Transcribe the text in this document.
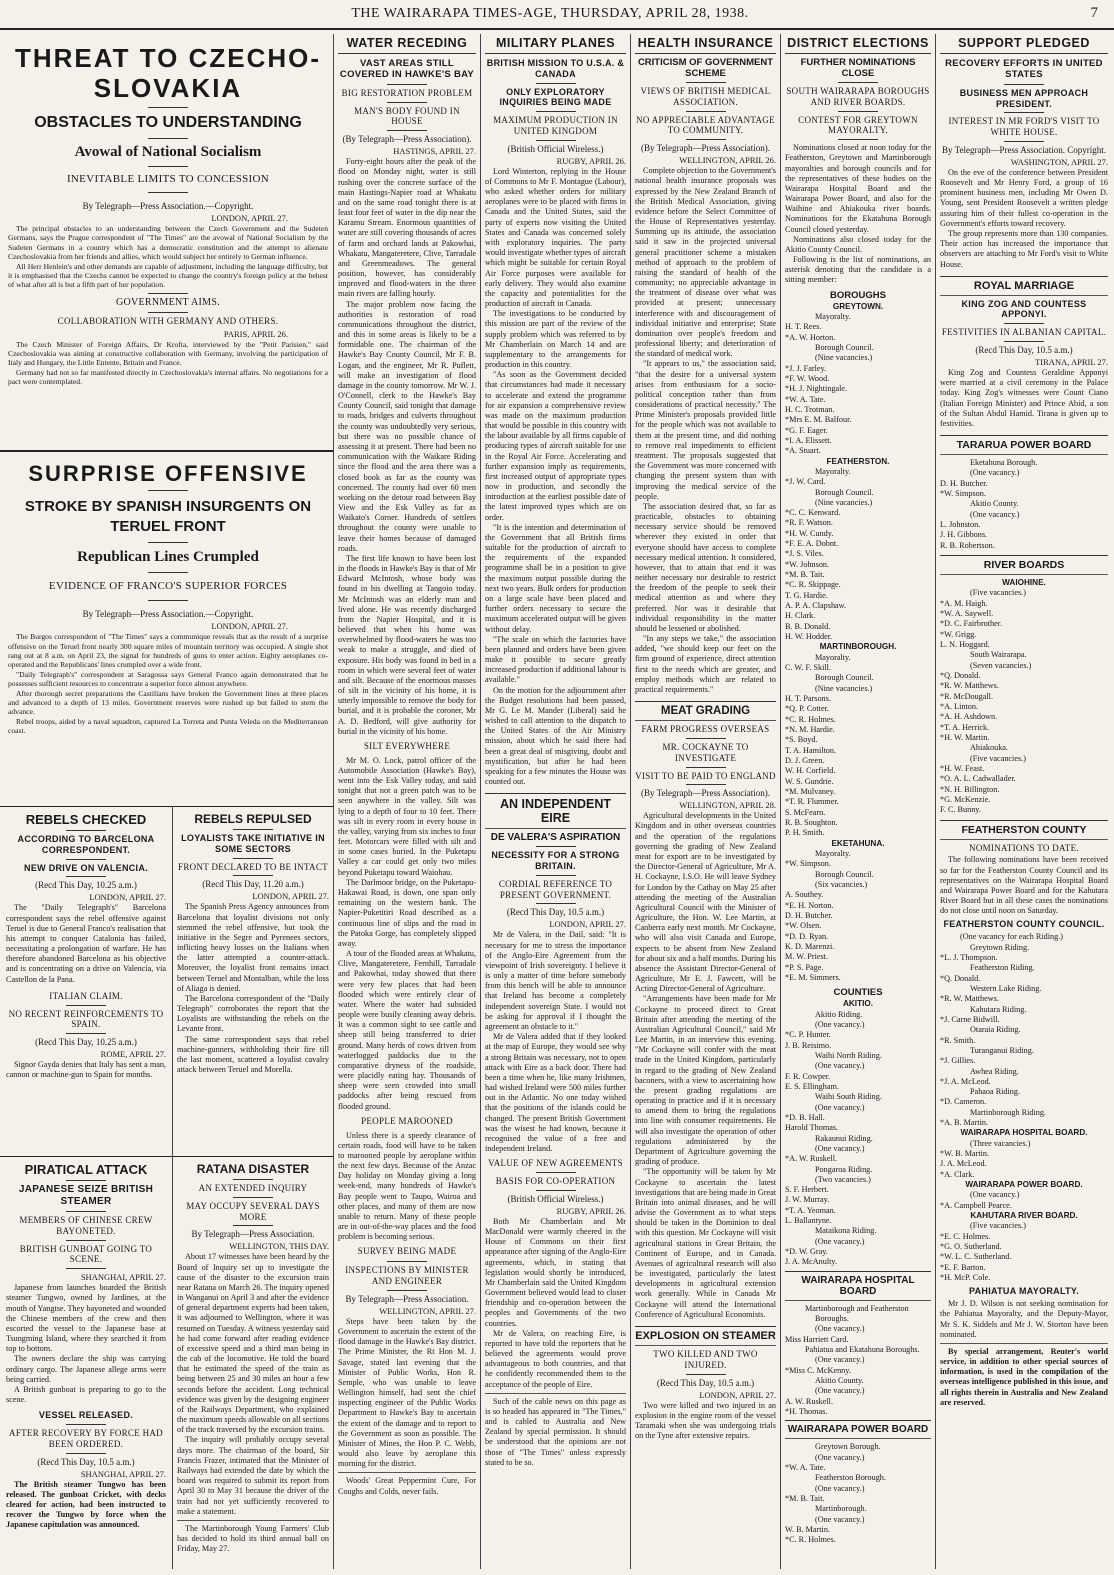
THE WAIRARAPA TIMES-AGE, THURSDAY, APRIL 28, 1938.	7
THREAT TO CZECHO-SLOVAKIA
OBSTACLES TO UNDERSTANDING
Avowal of National Socialism
INEVITABLE LIMITS TO CONCESSION
By Telegraph—Press Association.—Copyright.
LONDON, APRIL 27.

The principal obstacles to an understanding between the Czech Government and the Sudeten Germans, says the Prague correspondent of "The Times" are the avowal of National Socialism by the Sudeten Germans in a country which has a democratic constitution and the attempt to alienate Czechoslovakia from her friends and allies, which would subject her entirely to German influence.

All Herr Henlein's and other demands are capable of adjustment, including the language difficulty, but it is emphasised that the Czechs cannot be expected to change the country's foreign policy at the behest of what after all is but a fifth part of her population.

GOVERNMENT AIMS.
COLLABORATION WITH GERMANY AND OTHERS.
PARIS, APRIL 26.

The Czech Minister of Foreign Affairs, Dr Krofta, interviewed by the "Petit Parisien," said Czechoslovakia was aiming at constructive collaboration with Germany, involving the participation of Italy and Hungary, the Little Entente, Britain and France.

Germany had not so far manifested directly in Czechoslovakia's internal affairs. No negotiations for a pact were contemplated.

SURPRISE OFFENSIVE
STROKE BY SPANISH INSURGENTS ON TERUEL FRONT
Republican Lines Crumpled
EVIDENCE OF FRANCO'S SUPERIOR FORCES
By Telegraph—Press Association.—Copyright.
LONDON, APRIL 27.

The Burgos correspondent of "The Times" says a communique reveals that as the result of a surprise offensive on the Teruel front nearly 300 square miles of mountain territory was occupied. A single shot rang out at 8 a.m. on April 23, the signal for hundreds of guns to enter action. Eighty aeroplanes co-operated and the Republicans' lines crumpled over a wide front.

"Daily Telegraph's" correspondent at Saragossa says General Franco again demonstrated that he possesses sufficient resources to concentrate a superior force almost anywhere.

After thorough secret preparations the Castilians have broken the Government lines at three places and advanced to a depth of 13 miles. Government reserves were rushed up but failed to stem the advance.

Rebel troops, aided by a naval squadron, captured La Torreta and Punta Veleda on the Mediterranean coast.

REBELS CHECKED
ACCORDING TO BARCELONA CORRESPONDENT.
NEW DRIVE ON VALENCIA.
(Recd This Day, 10.25 a.m.)
LONDON, APRIL 27.

The "Daily Telegraph's" Barcelona correspondent says the rebel offensive against Teruel is due to General Franco's realisation that his attempt to conquer Catalonia has failed, necessitating a prolongation of warfare. He has therefore abandoned Barcelona as his objective and is concentrating on a drive on Valencia, via Castellon de la Pana.

ITALIAN CLAIM.
NO RECENT REINFORCEMENTS TO SPAIN.
(Recd This Day, 10.25 a.m.)
ROME, APRIL 27.

Signor Gayda denies that Italy has sent a man, cannon or machine-gun to Spain for months.

REBELS REPULSED
LOYALISTS TAKE INITIATIVE IN SOME SECTORS
FRONT DECLARED TO BE INTACT
(Recd This Day, 11.20 a.m.)
LONDON, APRIL 27.

The Spanish Press Agency announces from Barcelona that loyalist divisions not only stemmed the rebel offensive, but took the initiative in the Segre and Pyrenees sectors, inflicting heavy losses on the Italians when the latter attempted a counter-attack. Moreover, the loyalist front remains intact between Teruel and Montalban, while the loss of Aliaga is denied.

The Barcelona correspondent of the "Daily Telegraph" corroborates the report that the Loyalists are withstanding the rebels on the Levante front.

The same correspondent says that rebel machine-gunners, withholding their fire till the last moment, scattered a loyalist cavalry attack between Teruel and Morella.

PIRATICAL ATTACK
JAPANESE SEIZE BRITISH STEAMER
MEMBERS OF CHINESE CREW BAYONETED.
BRITISH GUNBOAT GOING TO SCENE.
SHANGHAI, APRIL 27.

Japanese from launches boarded the British steamer Tungwo, owned by Jardines, at the mouth of Yangtse. They bayoneted and wounded the Chinese members of the crew and then escorted the vessel to the Japanese base at Tsungming Island, where they searched it from top to bottom.

The owners declare the ship was carrying ordinary cargo. The Japanese allege arms were being carried.

A British gunboat is preparing to go to the scene.

VESSEL RELEASED.
AFTER RECOVERY BY FORCE HAD BEEN ORDERED.
(Recd This Day, 10.5 a.m.)
SHANGHAI, APRIL 27.

The British steamer Tungwo has been released. The gunboat Cricket, with decks cleared for action, had been instructed to recover the Tungwo by force when the Japanese capitulation was announced.

RATANA DISASTER
AN EXTENDED INQUIRY
MAY OCCUPY SEVERAL DAYS MORE
By Telegraph—Press Association.
WELLINGTON, THIS DAY.

About 17 witnesses have been heard by the Board of Inquiry set up to investigate the cause of the disaster to the excursion train near Ratana on March 26. The inquiry opened in Wanganui on April 3 and after the evidence of general department experts had been taken, it was adjourned to Wellington, where it was resumed on Tuesday. A witness yesterday said he had come forward after reading evidence of excessive speed and a third man being in the cab of the locomotive. He told the board that he estimated the speed of the train as being between 25 and 30 miles an hour a few seconds before the accident. Long technical evidence was given by the designing engineer of the Railways Department, who explained the maximum speeds allowable on all sections of the track traversed by the excursion trains.

The inquiry will probably occupy several days more. The chairman of the board, Sir Francis Frazer, intimated that the Minister of Railways had extended the date by which the board was required to submit its report from April 30 to May 31 because the driver of the train had not yet sufficiently recovered to make a statement.

The Martinborough Young Farmers' Club has decided to hold its third annual ball on Friday, May 27.

WATER RECEDING
VAST AREAS STILL COVERED IN HAWKE'S BAY
BIG RESTORATION PROBLEM
MAN'S BODY FOUND IN HOUSE
(By Telegraph—Press Association).
HASTINGS, APRIL 27.

Forty-eight hours after the peak of the flood on Monday night, water is still rushing over the concrete surface of the main Hastings-Napier road at Whakatu and on the same road tonight there is at least four feet of water in the dip near the Karamu Stream. Enormous quantities of water are still covering thousands of acres of farm and orchard lands at Pakowhai, Whakatu, Mangateretere, Clive, Tarradale and Greenmeadows. The general position, however, has considerably improved and flood-waters in the three main rivers are falling hourly.

The major problem now facing the authorities is restoration of road communications throughout the district, and this in some areas is likely to be a formidable one. The chairman of the Hawke's Bay County Council, Mr F. B. Logan, and the engineer, Mr R. Puflett, will make an investigation of flood damage in the county tomorrow. Mr W. J. O'Connell, clerk to the Hawke's Bay County Council, said tonight that damage to roads, bridges and culverts throughout the county was undoubtedly very serious, but there was no possible chance of assessing it at present. There had been no communication with the Waikare Riding since the flood and the area there was a closed book as far as the county was concerned. The county had over 60 men working on the detour road between Bay View and the Esk Valley as far as Waikato's Corner. Hundreds of settlers throughout the county were unable to leave their homes because of damaged roads.

The first life known to have been lost in the floods in Hawke's Bay is that of Mr Edward McIntosh, whose body was found in his dwelling at Tangoio today. Mr McIntosh was an elderly man and lived alone. He was recently discharged from the Napier Hospital, and it is believed that when his home was overwhelmed by flood-waters he was too weak to make a struggle, and died of exposure. His body was found in bed in a room in which were several feet of water and silt. Because of the enormous masses of silt in the vicinity of his home, it is utterly impossible to remove the body for burial, and it is probable the coroner, Mr A. D. Bedford, will give authority for burial in the vicinity of his home.

SILT EVERYWHERE

Mr M. O. Lock, patrol officer of the Automobile Association (Hawke's Bay), went into the Esk Valley today, and said tonight that not a green patch was to be seen anywhere in the valley. Silt was lying to a depth of four to 10 feet. There was silt in every room in every house in the valley, varying from six inches to four feet. Motorcars were filled with silt and in some cases buried. In the Puketapu Valley a car could get only two miles beyond Puketapu toward Waiohau.

The Darlmoor bridge, on the Puketapu-Hakawai Road, is down, one span only remaining on the western bank. The Napier-Puketitiri Road described as a continuous line of slips and the road in the Patoka Gorge, has completely slipped away.

A tour of the flooded areas at Whakatu, Clive, Mangateretere, Fernhill, Tarradale and Pakowhai, today showed that there were very few places that had been flooded which were entirely clear of water. Where the water had subsided people were busily cleaning away debris. It was a common sight to see cattle and sheep still being transferred to drier ground. Many herds of cows driven from waterlogged paddocks due to the comparative dryness of the roadside, were placidly eating hay. Thousands of sheep were seen crowded into small paddocks after being rescued from flooded ground.

PEOPLE MAROONED

Unless there is a speedy clearance of certain roads, food will have to be taken to marooned people by aeroplane within the next few days. Because of the Anzac Day holiday on Monday giving a long week-end, many hundreds of Hawke's Bay people went to Taupo, Wairoa and other places, and many of them are now unable to return. Many of these people are in out-of-the-way places and the food problem is becoming serious.

SURVEY BEING MADE
INSPECTIONS BY MINISTER AND ENGINEER
By Telegraph—Press Association.
WELLINGTON, APRIL 27.

Steps have been taken by the Government to ascertain the extent of the flood damage in the Hawke's Bay district. The Prime Minister, the Rt Hon M. J. Savage, stated last evening that the Minister of Public Works, Hon R. Semple, who was unable to leave Wellington himself, had sent the chief inspecting engineer of the Public Works Department to Hawke's Bay to ascertain the extent of the damage and to report to the Government as soon as possible. The Minister of Mines, the Hon P. C. Webb, would also leave by aeroplane this morning for the district.

Woods' Great Peppermint Cure, For Coughs and Colds, never fails.

MILITARY PLANES
BRITISH MISSION TO U.S.A. & CANADA
ONLY EXPLORATORY INQUIRIES BEING MADE
MAXIMUM PRODUCTION IN UNITED KINGDOM
(British Official Wireless.)
RUGBY, APRIL 26.

Lord Winterton, replying in the House of Commons to Mr F. Montague (Labour), who asked whether orders for military aeroplanes were to be placed with firms in Canada and the United States, said the party of experts now visiting the United States and Canada was concerned solely with exploratory inquiries. The party would investigate whether types of aircraft which might be suitable for certain Royal Air Force purposes were available for early delivery. They would also examine the capacity and potentialities for the production of aircraft in Canada.

The investigations to be conducted by this mission are part of the review of the supply problem which was referred to by Mr Chamberlain on March 14 and are supplementary to the arrangements for production in this country.

"As soon as the Government decided that circumstances had made it necessary to accelerate and extend the programme for air expansion a comprehensive review was made on the maximum production that would be possible in this country with the labour available by all firms capable of producing types of aircraft suitable for use in the Royal Air Force. Accelerating and further expansion imply as requirements, first increased output of appropriate types now in production, and secondly the introduction at the earliest possible date of the latest improved types which are on order.

"It is the intention and determination of the Government that all British firms suitable for the production of aircraft to the requirements of the expanded programme shall be in a position to give the maximum output possible during the next two years. Bulk orders for production on a large scale have been placed and further orders necessary to secure the maximum accelerated output will be given without delay.

"The scale on which the factories have been planned and orders have been given make it possible to secure greatly increased production if additional labour is available."

On the motion for the adjournment after the Budget resolutions had been passed, Mr G. Le M. Mander (Liberal) said he wished to call attention to the dispatch to the United States of the Air Ministry mission, about which he said there had been a great deal of misgiving, doubt and mystification, but after he had been speaking for a few minutes the House was counted out.

AN INDEPENDENT EIRE
DE VALERA'S ASPIRATION
NECESSITY FOR A STRONG BRITAIN.
CORDIAL REFERENCE TO PRESENT GOVERNMENT.
(Recd This Day, 10.5 a.m.)
LONDON, APRIL 27.

Mr de Valera, in the Dail, said: "It is necessary for me to stress the importance of the Anglo-Eire Agreement from the viewpoint of Irish sovereignty. I believe it is only a matter of time before somebody from this bench will be able to announce that Ireland has become a completely independent sovereign State. I would not be asking for approval if I thought the agreement an obstacle to it."

Mr de Valera added that if they looked at the map of Europe, they would see why a strong Britain was necessary, not to open attack with Eire as a back door. There had been a time when he, like many Irishmen, had wished Ireland were 500 miles further out in the Atlantic. No one today wished that the positions of the islands could be changed. The present British Government was the wisest he had known, because it recognised the value of a free and independent Ireland.

VALUE OF NEW AGREEMENTS
BASIS FOR CO-OPERATION
(British Official Wireless.)
RUGBY, APRIL 26.

Both Mr Chamberlain and Mr MacDonald were warmly cheered in the House of Commons on their first appearance after signing of the Anglo-Eire agreements, which, in stating that legislation would shortly be introduced, Mr Chamberlain said the United Kingdom Government believed would lead to closer friendship and co-operation between the peoples and Governments of the two countries.

Mr de Valera, on reaching Eire, is reported to have told the reporters that he believed the agreements would prove advantageous to both countries, and that he confidently recommended them to the acceptance of the people of Eire.

Such of the cable news on this page as is so headed has appeared in "The Times," and is cabled to Australia and New Zealand by special permission. It should be understood that the opinions are not those of "The Times" unless expressly stated to be so.

HEALTH INSURANCE
CRITICISM OF GOVERNMENT SCHEME
VIEWS OF BRITISH MEDICAL ASSOCIATION.
NO APPRECIABLE ADVANTAGE TO COMMUNITY.
(By Telegraph—Press Association).
WELLINGTON, APRIL 26.

Complete objection to the Government's national health insurance proposals was expressed by the New Zealand Branch of the British Medical Association, giving evidence before the Select Committee of the House of Representatives yesterday. Summing up its attitude, the association said it saw in the projected universal general practitioner scheme a mistaken method of approach to the problem of raising the standard of health of the community; no appreciable advantage in the treatment of disease over what was provided at present; unnecessary interference with and discouragement of individual initiative and enterprise; State domination over people's freedom and professional liberty; and deterioration of the standard of medical work.

"It appears to us," the association said, "that the desire for a universal system arises from enthusiasm for a socio-political conception rather than from considerations of practical necessity." The Prime Minister's proposals provided little for the people which was not available to them at the present time, and did nothing to remove real impediments to efficient treatment. The proposals suggested that the Government was more concerned with changing the present system than with improving the medical service of the people.

The association desired that, so far as practicable, obstacles to obtaining necessary service should be removed wherever they existed in order that everyone should have access to complete necessary medical attention. It considered, however, that to attain that end it was neither necessary nor desirable to restrict the freedom of the people to seek their medical attention as and where they preferred. Nor was it desirable that individual responsibility in the matter should be lessened or abolished.

"In any steps we take," the association added, "we should keep our feet on the firm ground of experience, direct attention first to the needs which are greater, and employ methods which are related to practical requirements."

MEAT GRADING
FARM PROGRESS OVERSEAS
MR. COCKAYNE TO INVESTIGATE
VISIT TO BE PAID TO ENGLAND
(By Telegraph—Press Association).
WELLINGTON, APRIL 28.

Agricultural developments in the United Kingdom and in other overseas countries and the operation of the regulations governing the grading of New Zealand meat for export are to be investigated by the Director-General of Agriculture, Mr A. H. Cockayne, I.S.O. He will leave Sydney for London by the Cathay on May 25 after attending the meeting of the Australian Agricultural Council with the Minister of Agriculture, the Hon. W. Lee Martin, at Canberra early next month. Mr Cockayne, who will also visit Canada and Europe, expects to be absent from New Zealand for about six and a half months. During his absence the Assistant Director-General of Agriculture, Mr E. J. Fawcett, will be Acting Director-General of Agriculture.

"Arrangements have been made for Mr Cockayne to proceed direct to Great Britain after attending the meeting of the Australian Agricultural Council," said Mr Lee Martin, in an interview this evening. "Mr Cockayne will confer with the meat trade in the United Kingdom, particularly in regard to the grading of New Zealand baconers, with a view to ascertaining how the present grading regulations are operating in practice and if it is necessary to amend them to bring the regulations into line with consumer requirements. He will also investigate the operation of other regulations administered by the Department of Agriculture governing the grading of produce.

"The opportunity will be taken by Mr Cockayne to ascertain the latest investigations that are being made in Great Britain into animal diseases, and he will advise the Government as to what steps should be taken in the Dominion to deal with this question. Mr Cockayne will visit agricultural stations in Great Britain, the Continent of Europe, and in Canada. Avenues of agricultural research will also be investigated, particularly the latest developments in agricultural extension work generally. While in Canada Mr Cockayne will attend the International Conference of Agricultural Economists.

EXPLOSION ON STEAMER
TWO KILLED AND TWO INJURED.
(Recd This Day, 10.5 a.m.)
LONDON, APRIL 27.

Two were killed and two injured in an explosion in the engine room of the vessel Taramaki when she was undergoing trials on the Tyne after extensive repairs.

DISTRICT ELECTIONS
FURTHER NOMINATIONS CLOSE
SOUTH WAIRARAPA BOROUGHS AND RIVER BOARDS.
CONTEST FOR GREYTOWN MAYORALTY.

Nominations closed at noon today for the Featherston, Greytown and Martinborough mayoralties and borough councils and for the representatives of these bodies on the Wairarapa Hospital Board and the Wairarapa Power Board, and also for the Waihine and Ahiakouka river boards. Nominations for the Ekatahuna Borough Council closed yesterday.

Nominations also closed today for the Akitio County Council.

Following is the list of nominations, an asterisk denoting that the candidate is a sitting member:

BOROUGHS
GREYTOWN.
Mayoralty.
H. T. Rees.
*A. W. Horton.
Borough Council.
(Nine vacancies.)
*J. J. Farley.
*F. W. Wood.
*H. J. Nightingale.
*W. A. Tate.
H. C. Trotman.
*Mrs E. M. Balfour.
*G. F. Eager.
*I. A. Elissett.
*A. Stuart.
FEATHERSTON.
Mayoralty.
*J. W. Card.
Borough Council.
(Nine vacancies.)
*C. C. Kenward.
*R. F. Watson.
*H. W. Cundy.
*F. E. A. Dobnt.
*J. S. Viles.
*W. Johnson.
*M. B. Tait.
*C. R. Skippage.
T. G. Hardie.
A. P. A. Clapshaw.
H. Clark.
B. B. Donald.
H. W. Hodder.
MARTINBOROUGH.
Mayoralty.
C. W. F. Skill.
Borough Council.
(Nine vacancies.)
H. T. Parsons.
*Q. P. Cotter.
*C. R. Holmes.
*N. M. Hardie.
*S. Boyd.
T. A. Hamilton.
D. J. Green.
W. H. Corfield.
W. S. Gundrie.
*M. Mulvaney.
*T. R. Flummer.
S. McFearn.
R. B. Soughton.
P. H. Smith.
EKETAHUNA.
Mayoralty.
*W. Simpson.
Borough Council.
(Six vacancies.)
A. Southey.
*E. H. Norton.
D. H. Butcher.
*W. Olsen.
*D. D. Ryan.
K. D. Marenzi.
M. W. Priest.
*P. S. Page.
*E. M. Simmers.
COUNTIES
AKITIO.
Akitio Riding.
(One vacancy.)
*C. P. Hunter.
J. B. Reisimo.
Waihi North Riding.
(One vacancy.)
F. R. Cowper.
E. S. Ellingham.
Waihi South Riding.
(One vacancy.)
*D. B. Hall.
Harold Thomas.
Rakaunui Riding.
(One vacancy.)
*A. W. Ruskell.
Pongaroa Riding.
(Two vacancies.)
S. F. Herbert.
J. W. Murray.
*T. A. Yeoman.
L. Ballantyne.
Mataikona Riding.
(One vacancy.)
*D. W. Gray.
J. A. McAnulty.
WAIRARAPA HOSPITAL BOARD
Martinborough and Featherston
Boroughs.
(One vacancy.)
Miss Harriett Card.
Pahiatua and Ekatahuna Boroughs.
(One vacancy.)
*Miss C. McKenny.
Akitio County.
(One vacancy.)
A. W. Ruskell.
*H. Thomas.
WAIRARAPA POWER BOARD
Greytown Borough.
(One vacancy.)
*W. A. Tate.
Featherston Borough.
(One vacancy.)
*M. B. Tait.
Martinborough.
(One vacancy.)
W. B. Martin.
*C. R. Holmes.
SUPPORT PLEDGED
RECOVERY EFFORTS IN UNITED STATES
BUSINESS MEN APPROACH PRESIDENT.
INTEREST IN MR FORD'S VISIT TO WHITE HOUSE.
By Telegraph—Press Association. Copyright.
WASHINGTON, APRIL 27.

On the eve of the conference between President Roosevelt and Mr Henry Ford, a group of 16 prominent business men, including Mr Owen D. Young, sent President Roosevelt a written pledge assuring him of their fullest co-operation in the Government's efforts toward recovery.

The group represents more than 130 companies. Their action has increased the importance that observers are attaching to Mr Ford's visit to White House.

ROYAL MARRIAGE
KING ZOG AND COUNTESS APPONYI.
FESTIVITIES IN ALBANIAN CAPITAL.
(Recd This Day, 10.5 a.m.)
TIRANA, APRIL 27.

King Zog and Countess Geraldine Apponyi were married at a civil ceremony in the Palace today. King Zog's witnesses were Count Ciano (Italian Foreign Minister) and Prince Abid, a son of the Sultan Abdul Hamid. Tirana is given up to festivities.

TARARUA POWER BOARD
Eketahuna Borough.
(One vacancy.)
D. H. Butcher.
*W. Simpson.
Akitio County.
(One vacancy.)
L. Johnston.
J. H. Gibbons.
R. B. Robertson.
RIVER BOARDS
WAIOHINE.
(Five vacancies.)
*A. M. Haigh.
*W. A. Saywell.
*D. C. Fairbrother.
*W. Grigg.
L. N. Hoggard.
South Wairarapa.
(Seven vacancies.)
*Q. Donald.
*R. W. Matthews.
*R. McDougall.
*A. Linton.
*A. H. Ashdown.
*T. A. Herrick.
*H. W. Martin.
Ahiakouka.
(Five vacancies.)
*H. W. Feast.
*O. A. L. Cadwallader.
*N. H. Billington.
*G. McKenzie.
F. C. Bunny.
FEATHERSTON COUNTY
NOMINATIONS TO DATE.

The following nominations have been received so far for the Featherston County Council and its representatives on the Wairarapa Hospital Board and Wairarapa Power Board and for the Kahutara River Board but in all these cases the nominations do not close until noon on Saturday.

FEATHERSTON COUNTY COUNCIL.
(One vacancy for each Riding.)
Greytown Riding.
*L. J. Thompson.
Featherston Riding.
*Q. Donald.
Western Lake Riding.
*R. W. Matthews.
Kahutara Riding.
*J. Carne Bidwill.
Otaraia Riding.
*R. Smith.
Turanganui Riding.
*J. Gillies.
Awhea Riding.
*J. A. McLeod.
Pahaoa Riding.
*D. Cameron.
Martinborough Riding.
*A. B. Martin.
WAIRARAPA HOSPITAL BOARD.
(Three vacancies.)
*W. B. Martin.
J. A. McLeod.
*A. Clark.
WAIRARAPA POWER BOARD.
(One vacancy.)
*A. Campbell Pearce.
KAHUTARA RIVER BOARD.
(Five vacancies.)
*E. C. Holmes.
*G. O. Sutherland.
*W. L. C. Sutherland.
*E. F. Barton.
*H. McP. Cole.
PAHIATUA MAYORALTY.

Mr J. D. Wilson is not seeking nomination for the Pahiatua Mayoralty, and the Deputy-Mayor, Mr S. K. Siddels and Mr J. W. Storton have been nominated.

By special arrangement, Reuter's world service, in addition to other special sources of information, is used in the compilation of the overseas intelligence published in this issue, and all rights therein in Australia and New Zealand are reserved.
